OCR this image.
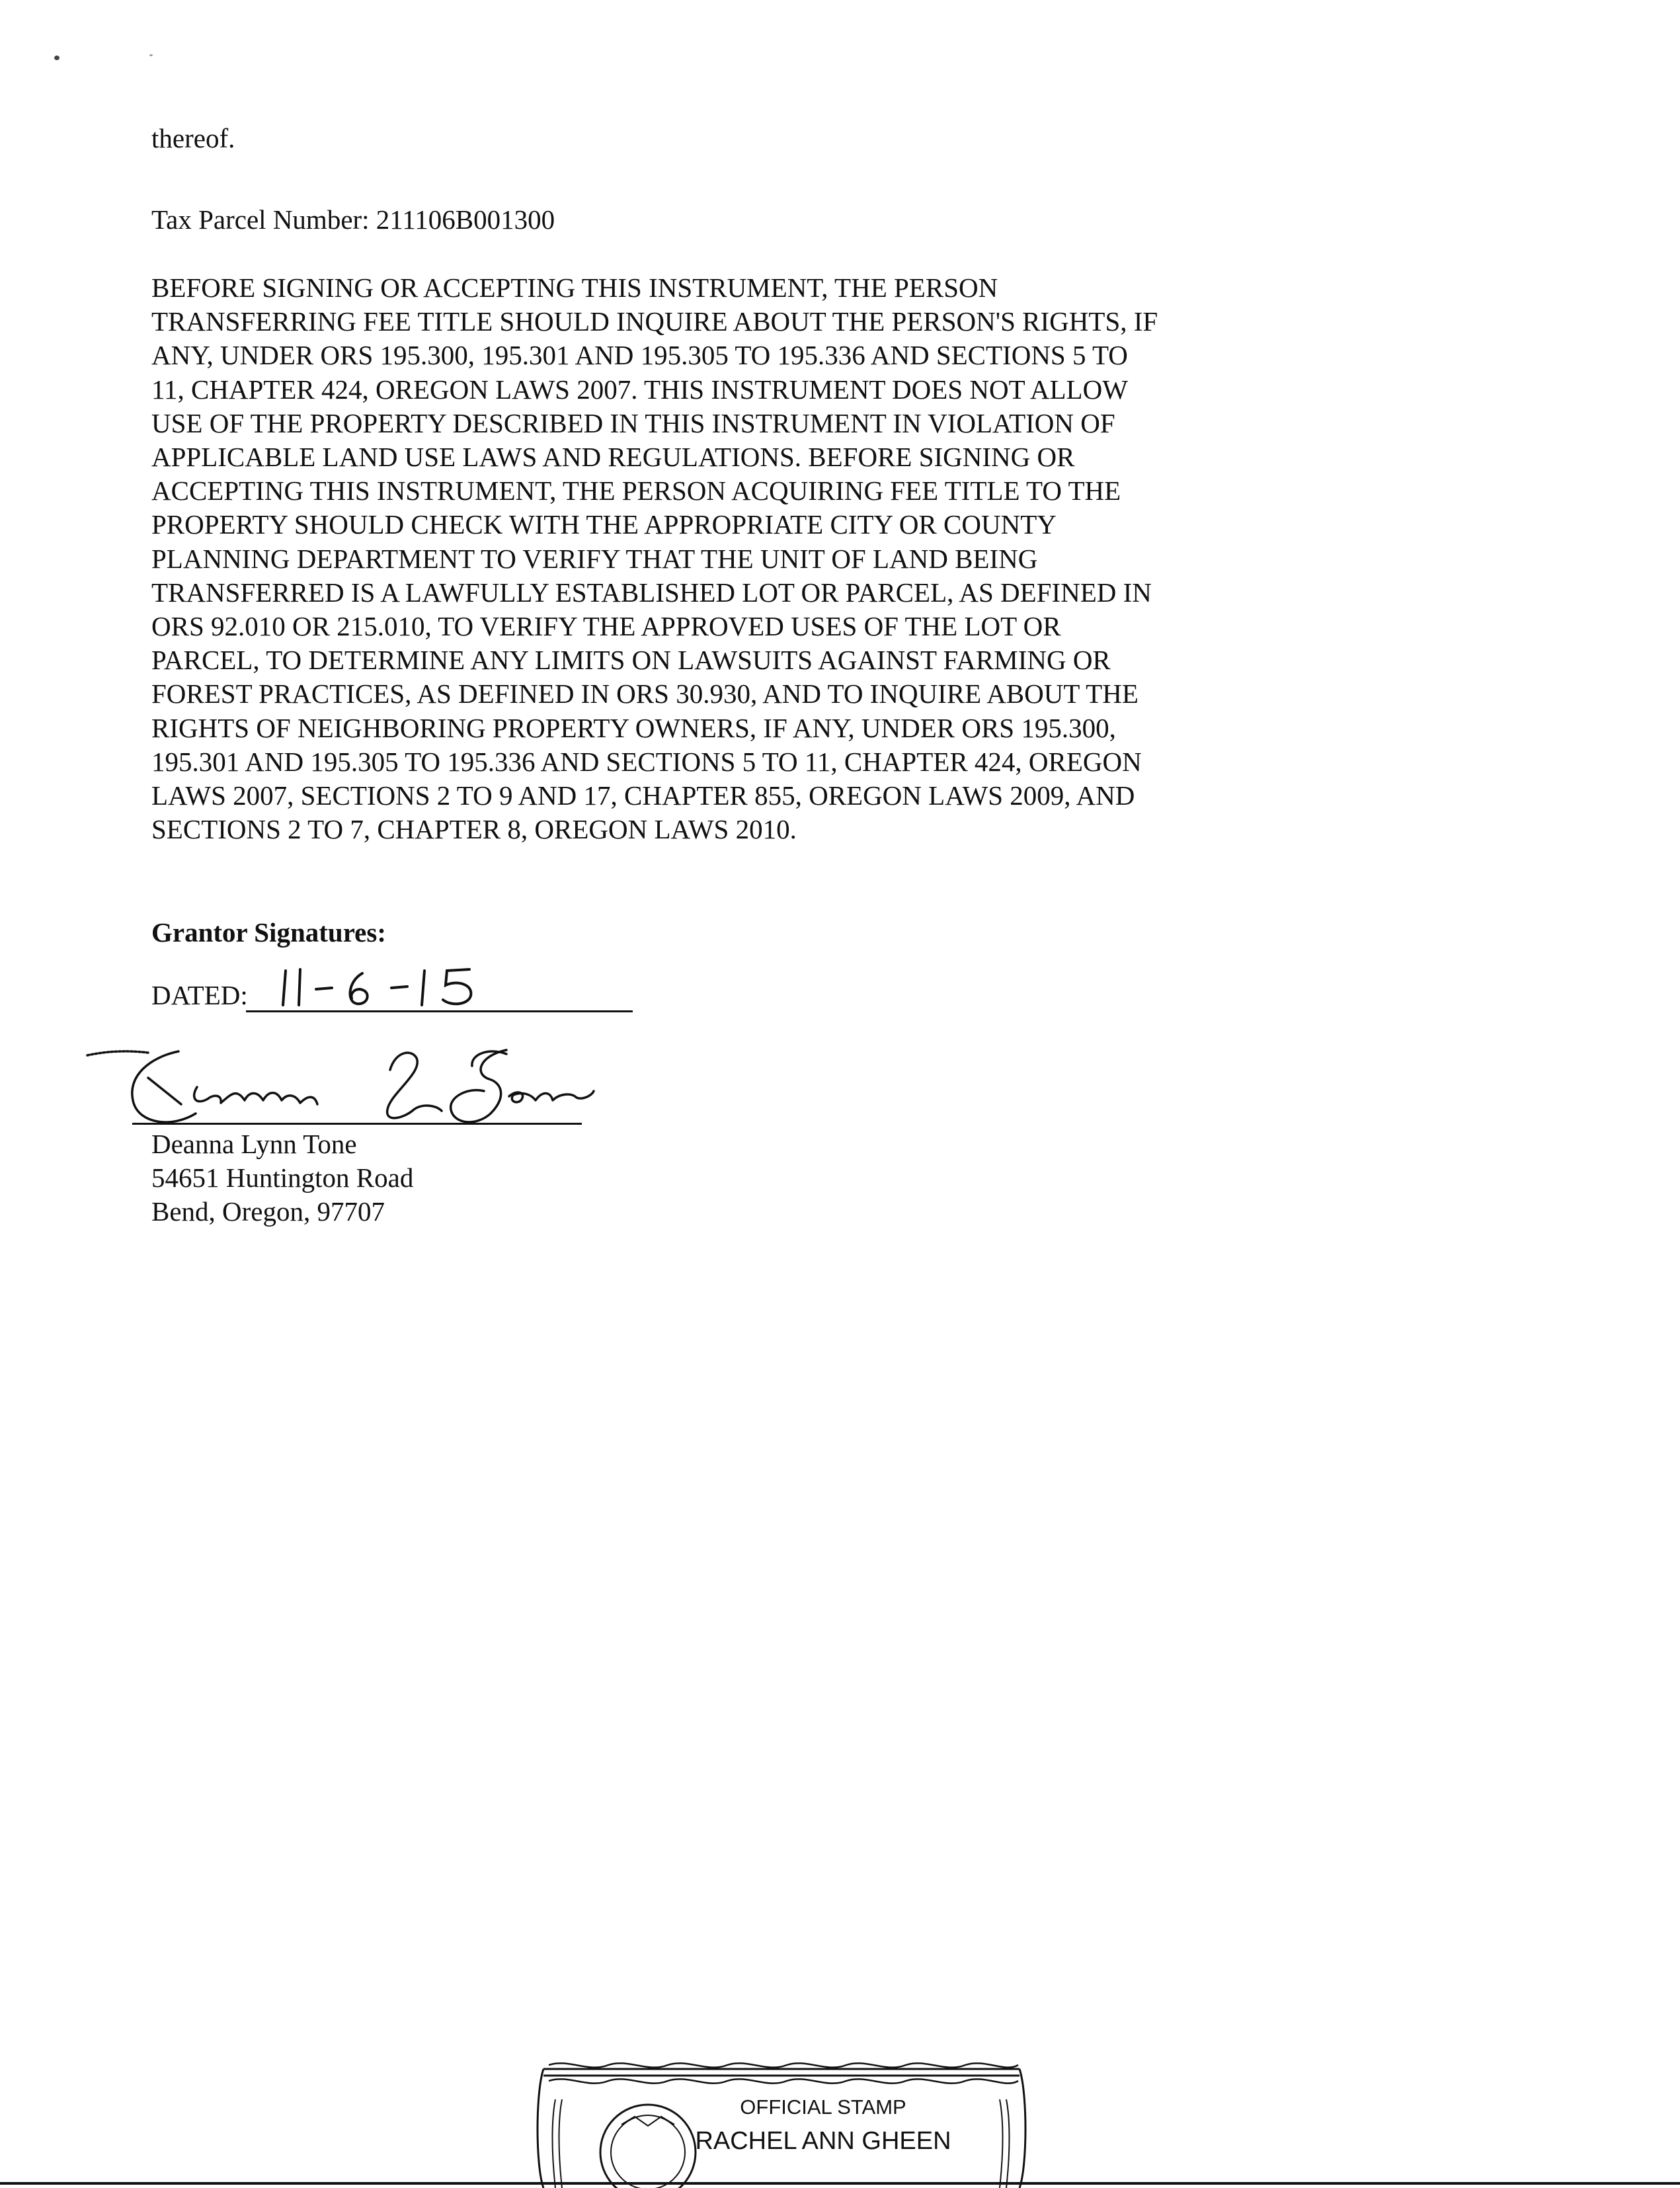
thereof.
Tax Parcel Number: 211106B001300
BEFORE SIGNING OR ACCEPTING THIS INSTRUMENT, THE PERSON
TRANSFERRING FEE TITLE SHOULD INQUIRE ABOUT THE PERSON'S RIGHTS, IF
ANY, UNDER ORS 195.300, 195.301 AND 195.305 TO 195.336 AND SECTIONS 5 TO
11, CHAPTER 424, OREGON LAWS 2007. THIS INSTRUMENT DOES NOT ALLOW
USE OF THE PROPERTY DESCRIBED IN THIS INSTRUMENT IN VIOLATION OF
APPLICABLE LAND USE LAWS AND REGULATIONS. BEFORE SIGNING OR
ACCEPTING THIS INSTRUMENT, THE PERSON ACQUIRING FEE TITLE TO THE
PROPERTY SHOULD CHECK WITH THE APPROPRIATE CITY OR COUNTY
PLANNING DEPARTMENT TO VERIFY THAT THE UNIT OF LAND BEING
TRANSFERRED IS A LAWFULLY ESTABLISHED LOT OR PARCEL, AS DEFINED IN
ORS 92.010 OR 215.010, TO VERIFY THE APPROVED USES OF THE LOT OR
PARCEL, TO DETERMINE ANY LIMITS ON LAWSUITS AGAINST FARMING OR
FOREST PRACTICES, AS DEFINED IN ORS 30.930, AND TO INQUIRE ABOUT THE
RIGHTS OF NEIGHBORING PROPERTY OWNERS, IF ANY, UNDER ORS 195.300,
195.301 AND 195.305 TO 195.336 AND SECTIONS 5 TO 11, CHAPTER 424, OREGON
LAWS 2007, SECTIONS 2 TO 9 AND 17, CHAPTER 855, OREGON LAWS 2009, AND
SECTIONS 2 TO 7, CHAPTER 8, OREGON LAWS 2010.
Grantor Signatures:
DATED:
Deanna Lynn Tone
54651 Huntington Road
Bend, Oregon, 97707
OFFICIAL STAMP
RACHEL ANN GHEEN
